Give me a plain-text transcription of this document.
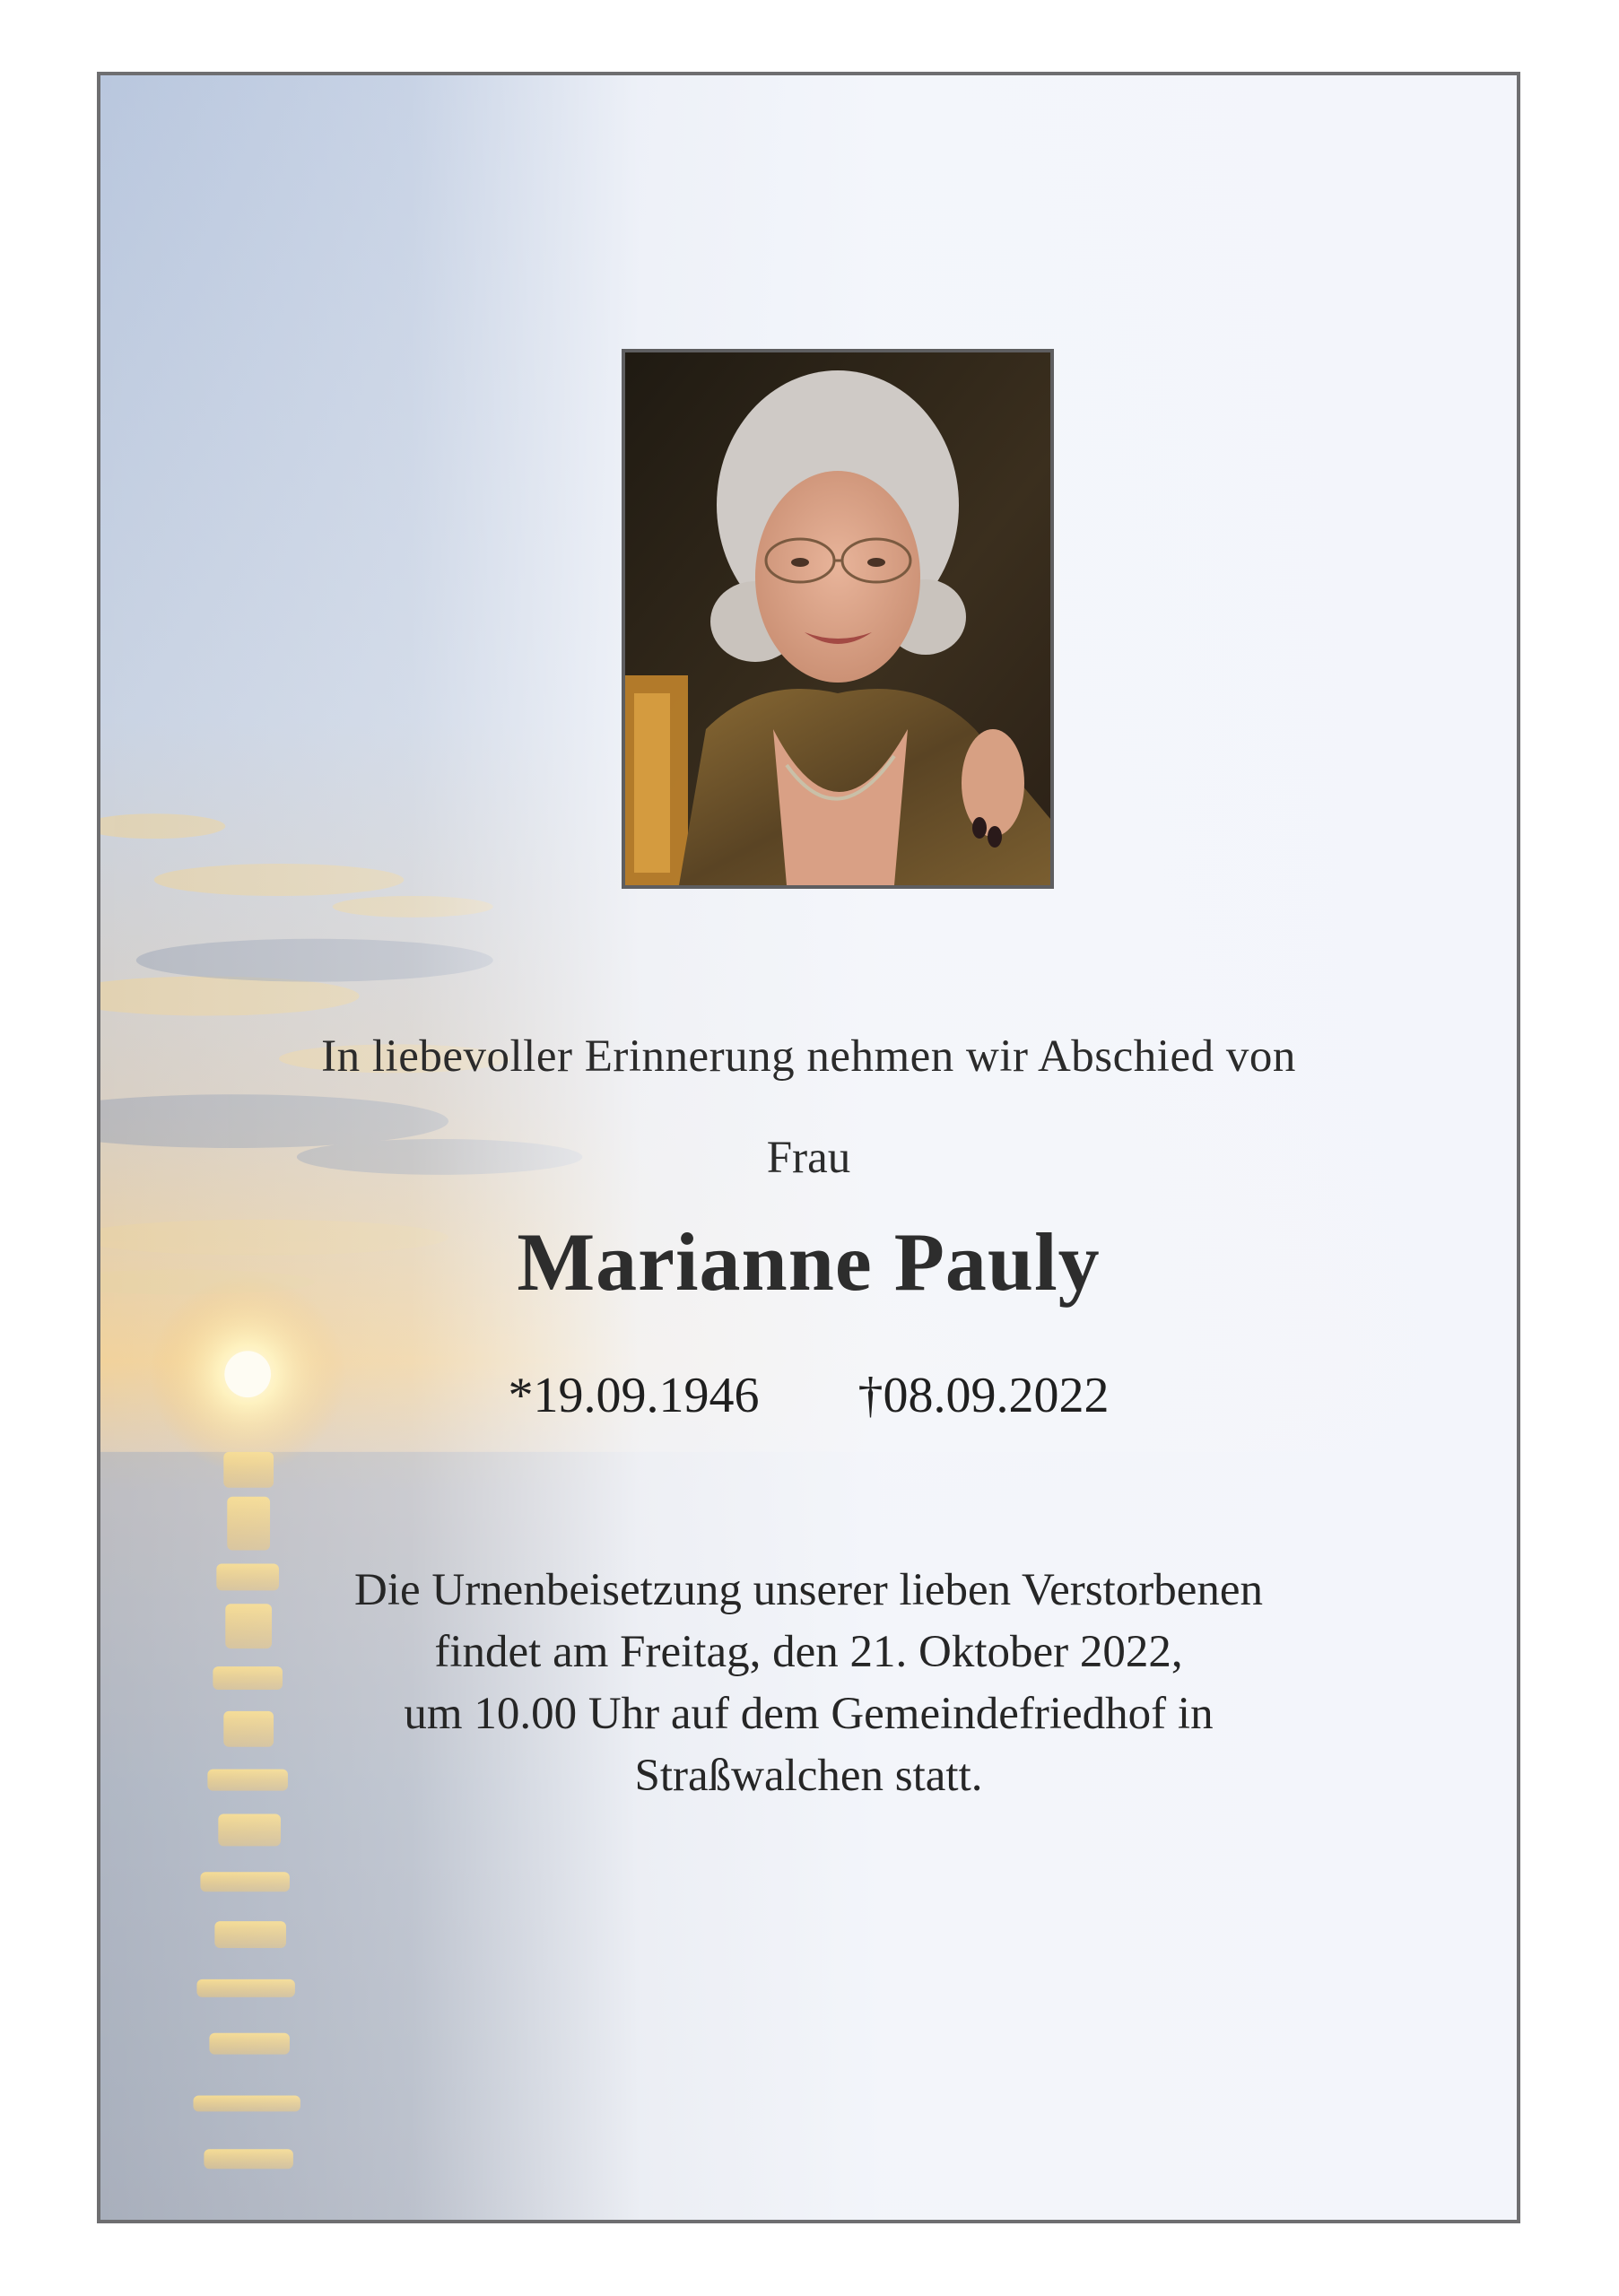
In liebevoller Erinnerung nehmen wir Abschied von
Frau
Marianne Pauly
*19.09.1946 †08.09.2022
Die Urnenbeisetzung unserer lieben Verstorbenen
findet am Freitag, den 21. Oktober 2022,
um 10.00 Uhr auf dem Gemeindefriedhof in
Straßwalchen statt.
